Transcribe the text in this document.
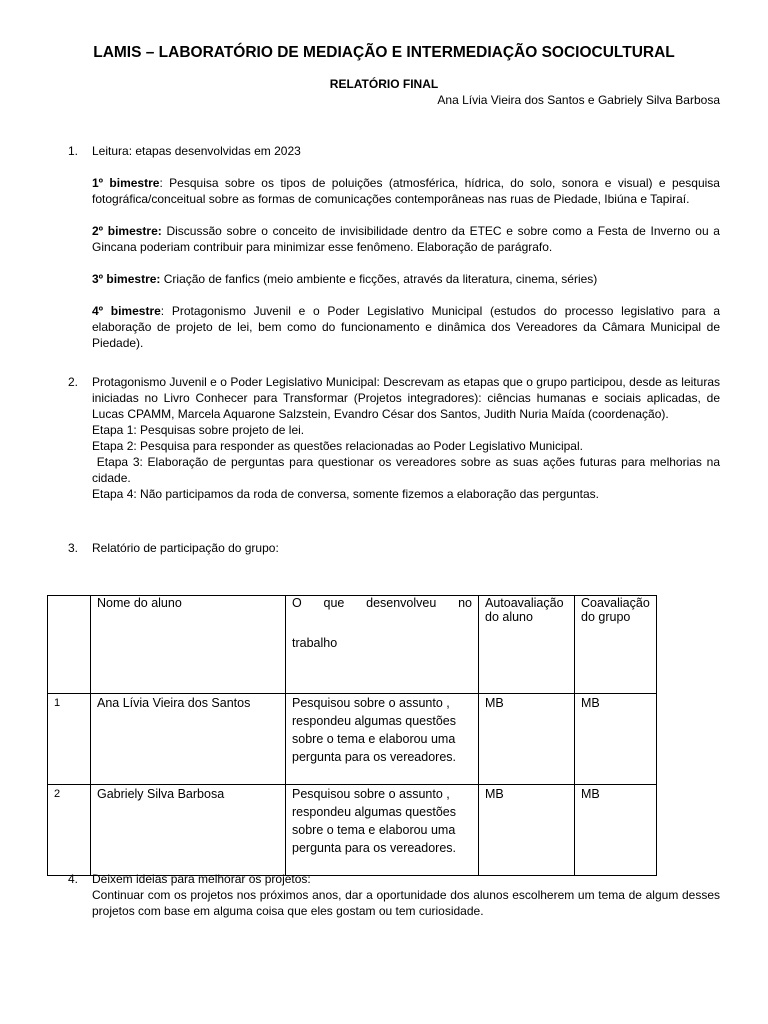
LAMIS – LABORATÓRIO DE MEDIAÇÃO E INTERMEDIAÇÃO SOCIOCULTURAL
RELATÓRIO FINAL
Ana Lívia Vieira dos Santos e Gabriely Silva Barbosa
1.	Leitura: etapas desenvolvidas em 2023

1º bimestre: Pesquisa sobre os tipos de poluições (atmosférica, hídrica, do solo, sonora e visual) e pesquisa fotográfica/conceitual sobre as formas de comunicações contemporâneas nas ruas de Piedade, Ibiúna e Tapiraí.

2º bimestre: Discussão sobre o conceito de invisibilidade dentro da ETEC e sobre como a Festa de Inverno ou a Gincana poderiam contribuir para minimizar esse fenômeno. Elaboração de parágrafo.

3º bimestre: Criação de fanfics (meio ambiente e ficções, através da literatura, cinema, séries)

4º bimestre: Protagonismo Juvenil e o Poder Legislativo Municipal (estudos do processo legislativo para a elaboração de projeto de lei, bem como do funcionamento e dinâmica dos Vereadores da Câmara Municipal de Piedade).

2.	Protagonismo Juvenil e o Poder Legislativo Municipal: Descrevam as etapas que o grupo participou, desde as leituras iniciadas no Livro Conhecer para Transformar (Projetos integradores): ciências humanas e sociais aplicadas, de Lucas CPAMM, Marcela Aquarone Salzstein, Evandro César dos Santos, Judith Nuria Maída (coordenação).

Etapa 1: Pesquisas sobre projeto de lei.

Etapa 2: Pesquisa para responder as questões relacionadas ao Poder Legislativo Municipal.

Etapa 3: Elaboração de perguntas para questionar os vereadores sobre as suas ações futuras para melhorias na cidade.

Etapa 4: Não participamos da roda de conversa, somente fizemos a elaboração das perguntas.

3.	Relatório de participação do grupo:

	Nome do aluno	O que desenvolveu no
trabalho	Autoavaliação do aluno	Coavaliação do grupo
1	Ana Lívia Vieira dos Santos	Pesquisou sobre o assunto , respondeu algumas questões sobre o tema e elaborou uma pergunta para os vereadores.	MB	MB
2	Gabriely Silva Barbosa	Pesquisou sobre o assunto , respondeu algumas questões sobre o tema e elaborou uma pergunta para os vereadores.	MB	MB
4.	Deixem ideias para melhorar os projetos:

Continuar com os projetos nos próximos anos, dar a oportunidade dos alunos escolherem um tema de algum desses projetos com base em alguma coisa que eles gostam ou tem curiosidade.
